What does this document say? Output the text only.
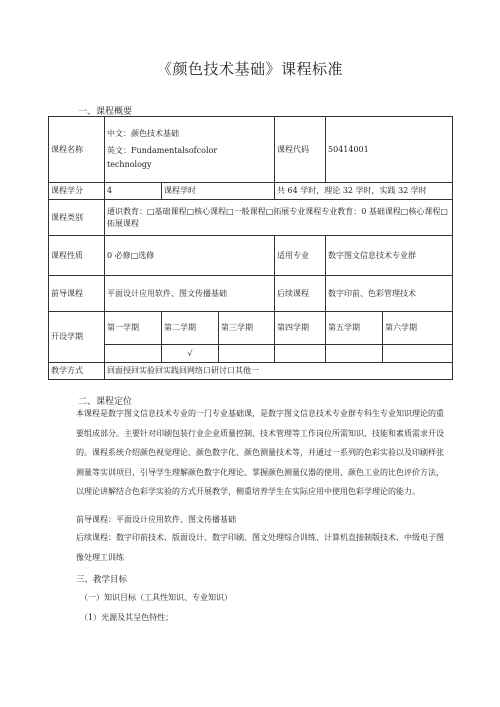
《颜色技术基础》课程标准
一、课程概要
课程名称	中文：颜色技术基础
英文：Fundamentalsofcolor
technology			课程代码	50414001	
课程学分	4	课程学时		共 64 学时，理论 32 学时，实践 32 学时		
课程类别	通识教育：□基础课程□核心课程□一般课程□拓展专业课程专业教育：0 基础课程□核心课程□拓展课程					
课程性质	0 必修□选修			适用专业	数字图文信息技术专业群	
前导课程	平面设计应用软件、图文传播基础			后续课程	数字印前、色彩管理技术	
开设学期	第一学期	第二学期	第三学期	第四学期	第五学期	第六学期
		√				
教学方式	回面授回实验回实践回网络口研讨口其他一					
二、课程定位
本课程是数字图文信息技术专业的一门专业基础课，是数字图文信息技术专业群专科生专业知识理论的重要组成部分。主要针对印刷包装行业企业质量控制、技术管理等工作岗位所需知识、技能和素质需求开设的。课程系统介绍颜色视觉理论、颜色数字化、颜色测量技术等，并通过一系列的色彩实验以及印刷样张测量等实训项目，引导学生理解颜色数字化理论、掌握颜色测量仪器的使用、颜色工业的比色评价方法，以理论讲解结合色彩学实验的方式开展教学，侧重培养学生在实际应用中使用色彩学理论的能力。
前导课程：平面设计应用软件、图文传播基础
后续课程：数字印前技术、版面设计、数字印刷、图文处理综合训练、计算机直接制版技术、中级电子图像处理工训练
三、教学目标
（一）知识目标（工具性知识、专业知识）
（1）光源及其呈色特性；
